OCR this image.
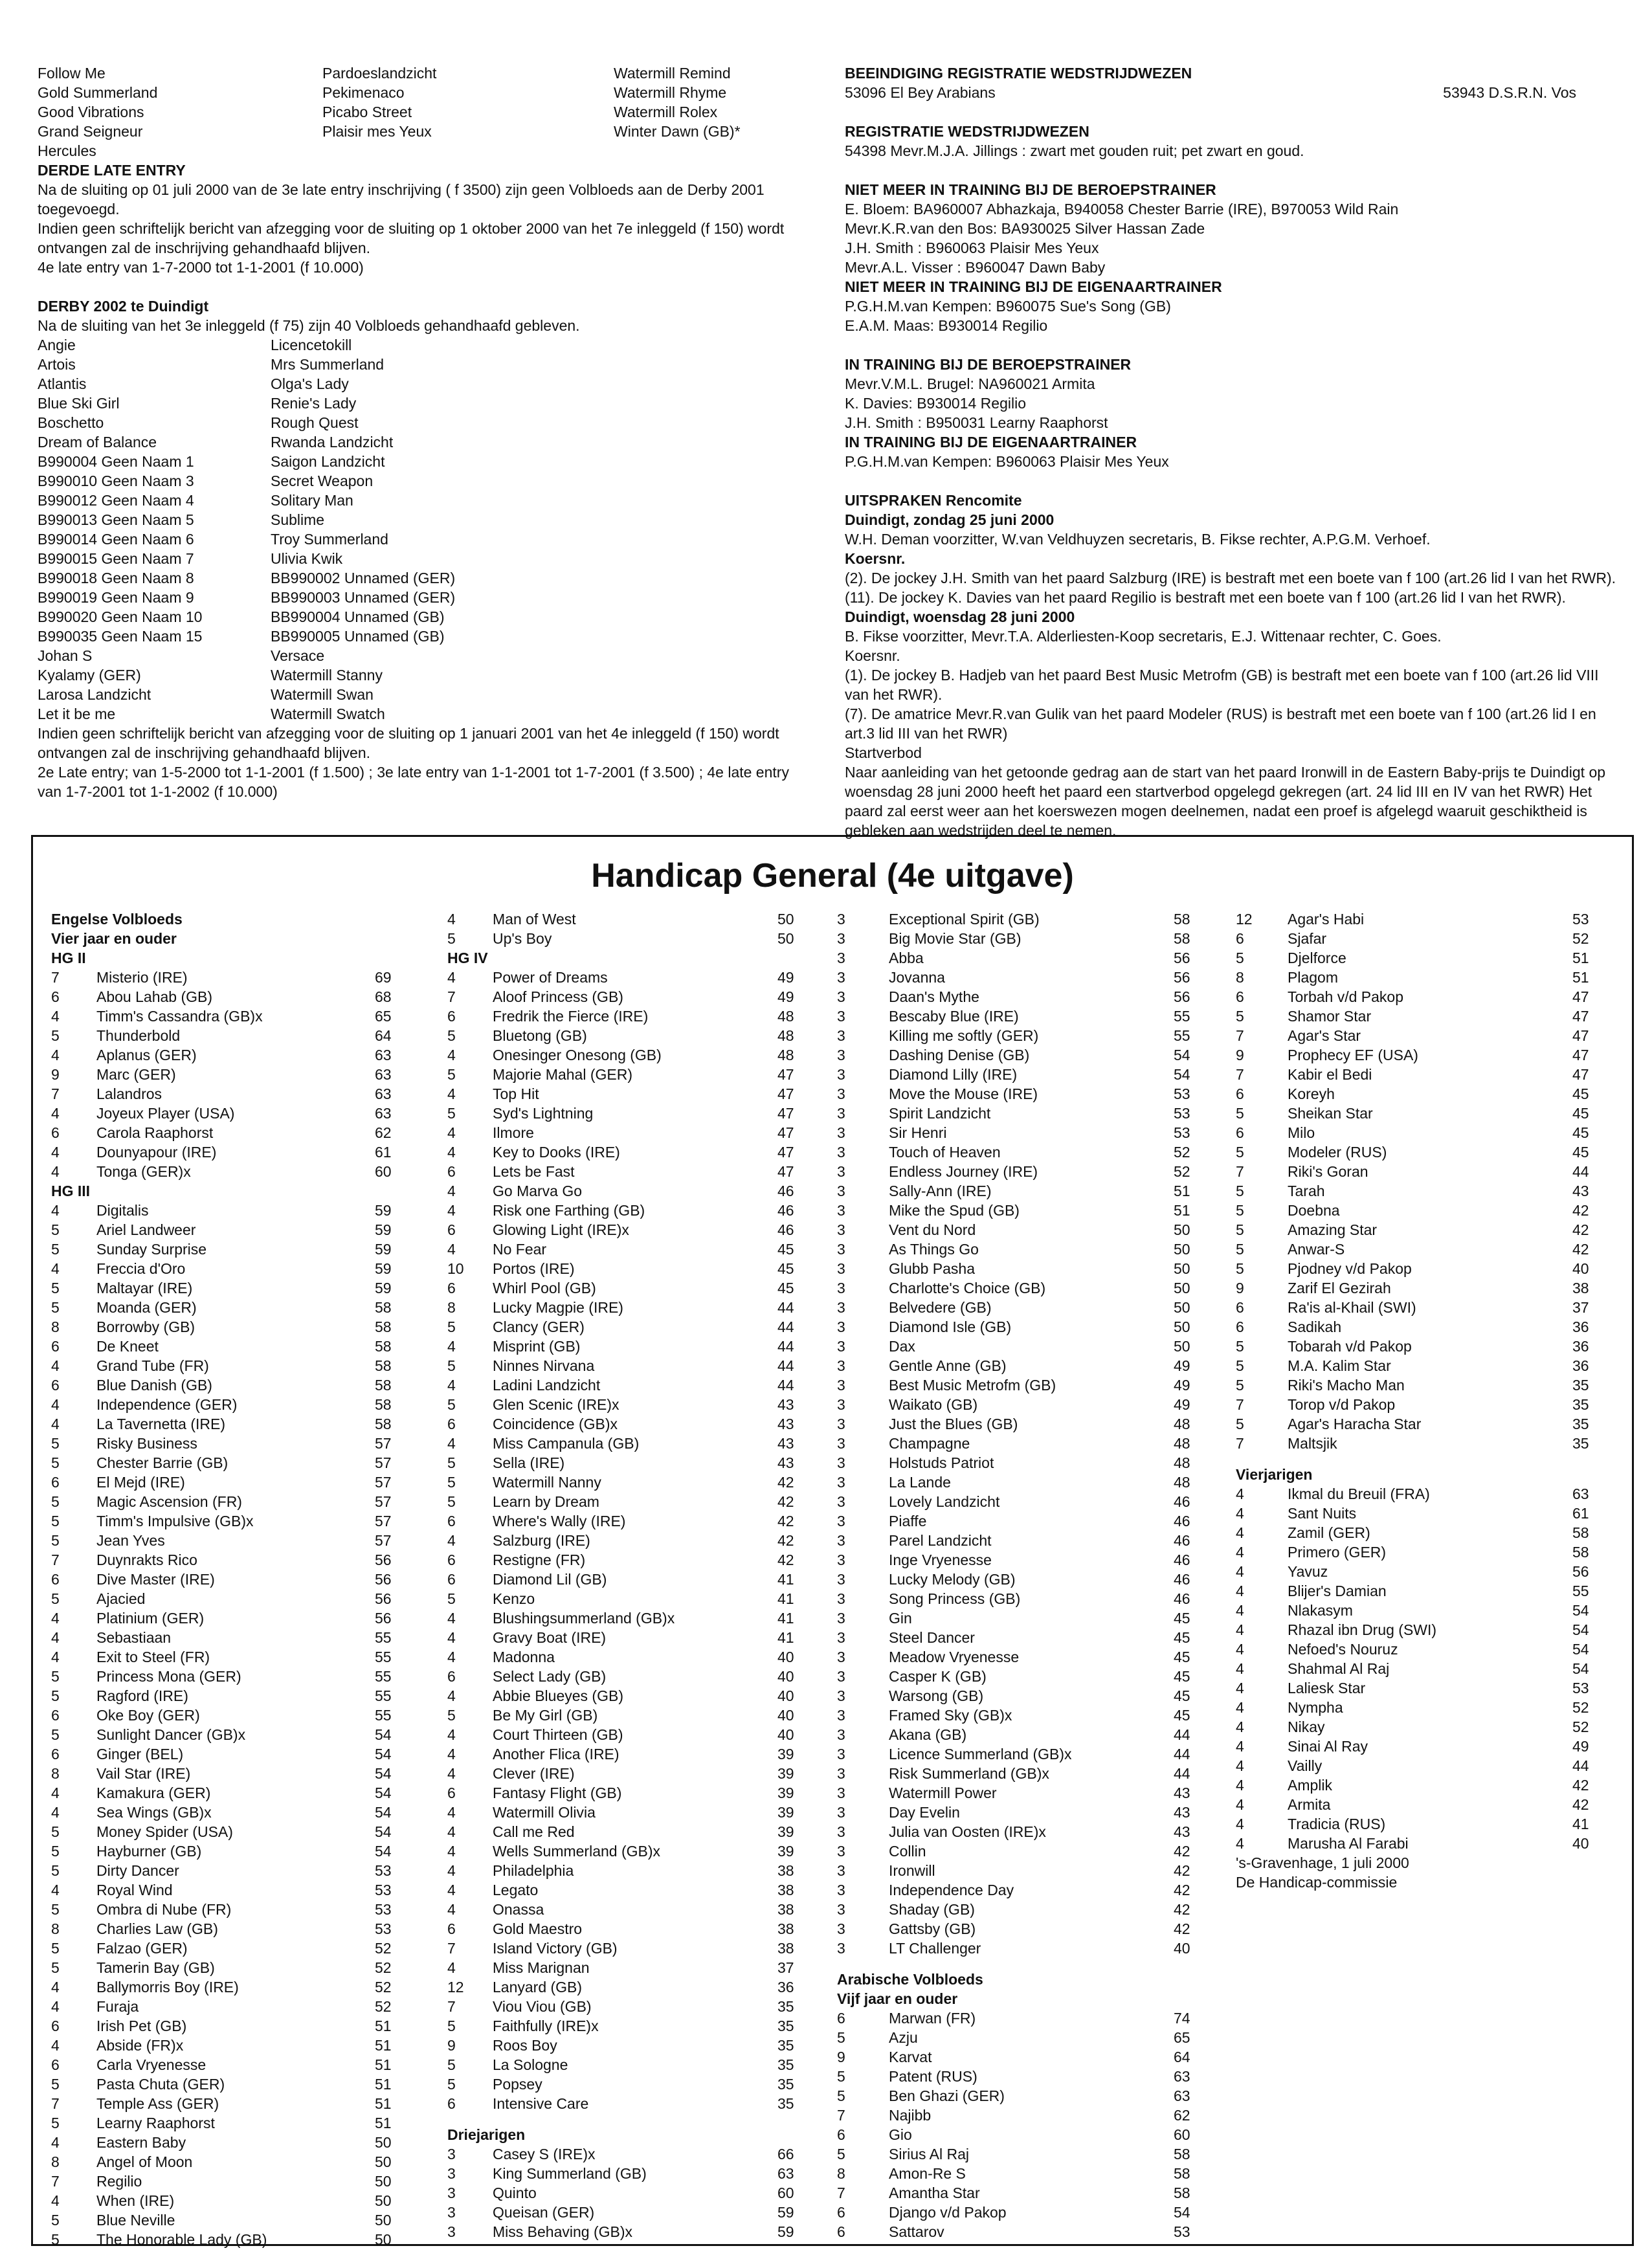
Follow Me	Pardoeslandzicht	Watermill Remind
Gold Summerland	Pekimenaco	Watermill Rhyme
Good Vibrations	Picabo Street	Watermill Rolex
Grand Seigneur	Plaisir mes Yeux	Winter Dawn (GB)*
Hercules
DERDE LATE ENTRY
Na de sluiting op 01 juli 2000 van de 3e late entry inschrijving ( f 3500) zijn geen Volbloeds aan de Derby 2001 toegevoegd.
Indien geen schriftelijk bericht van afzegging voor de sluiting op 1 oktober 2000 van het 7e inleggeld (f 150) wordt ontvangen zal de inschrijving gehandhaafd blijven.
4e late entry van 1-7-2000 tot 1-1-2001 (f 10.000)
DERBY 2002 te Duindigt
Na de sluiting van het 3e inleggeld (f 75) zijn 40 Volbloeds gehandhaafd gebleven.
Angie	Licencetokill
Artois	Mrs Summerland
Atlantis	Olga's Lady
Blue Ski Girl	Renie's Lady
Boschetto	Rough Quest
Dream of Balance	Rwanda Landzicht
B990004 Geen Naam 1	Saigon Landzicht
B990010 Geen Naam 3	Secret Weapon
B990012 Geen Naam 4	Solitary Man
B990013 Geen Naam 5	Sublime
B990014 Geen Naam 6	Troy Summerland
B990015 Geen Naam 7	Ulivia Kwik
B990018 Geen Naam 8	BB990002 Unnamed (GER)
B990019 Geen Naam 9	BB990003 Unnamed (GER)
B990020 Geen Naam 10	BB990004 Unnamed (GB)
B990035 Geen Naam 15	BB990005 Unnamed (GB)
Johan S	Versace
Kyalamy (GER)	Watermill Stanny
Larosa Landzicht	Watermill Swan
Let it be me	Watermill Swatch
Indien geen schriftelijk bericht van afzegging voor de sluiting op 1 januari 2001 van het 4e inleggeld (f 150) wordt ontvangen zal de inschrijving gehandhaafd blijven.
2e Late entry; van 1-5-2000 tot 1-1-2001 (f 1.500) ; 3e late entry van 1-1-2001 tot 1-7-2001 (f 3.500) ; 4e late entry van 1-7-2001 tot 1-1-2002 (f 10.000)
BEEINDIGING REGISTRATIE WEDSTRIJDWEZEN
53096 El Bey Arabians	53943 D.S.R.N. Vos
REGISTRATIE WEDSTRIJDWEZEN
54398 Mevr.M.J.A. Jillings : zwart met gouden ruit; pet zwart en goud.
NIET MEER IN TRAINING BIJ DE BEROEPSTRAINER
E. Bloem: BA960007 Abhazkaja, B940058 Chester Barrie (IRE), B970053 Wild Rain
Mevr.K.R.van den Bos: BA930025 Silver Hassan Zade
J.H. Smith : B960063 Plaisir Mes Yeux
Mevr.A.L. Visser : B960047 Dawn Baby
NIET MEER IN TRAINING BIJ DE EIGENAARTRAINER
P.G.H.M.van Kempen: B960075 Sue's Song (GB)
E.A.M. Maas: B930014 Regilio
IN TRAINING BIJ DE BEROEPSTRAINER
Mevr.V.M.L. Brugel: NA960021 Armita
K. Davies: B930014 Regilio
J.H. Smith : B950031 Learny Raaphorst
IN TRAINING BIJ DE EIGENAARTRAINER
P.G.H.M.van Kempen: B960063 Plaisir Mes Yeux
UITSPRAKEN Rencomite
Duindigt, zondag 25 juni 2000
W.H. Deman voorzitter, W.van Veldhuyzen secretaris, B. Fikse rechter, A.P.G.M. Verhoef.
Koersnr.
(2). De jockey J.H. Smith van het paard Salzburg (IRE) is bestraft met een boete van f 100 (art.26 lid I van het RWR).
(11). De jockey K. Davies van het paard Regilio is bestraft met een boete van f 100 (art.26 lid I van het RWR).
Duindigt, woensdag 28 juni 2000
B. Fikse voorzitter, Mevr.T.A. Alderliesten-Koop secretaris, E.J. Wittenaar rechter, C. Goes.
Koersnr.
(1). De jockey B. Hadjeb van het paard Best Music Metrofm (GB) is bestraft met een boete van f 100 (art.26 lid VIII van het RWR).
(7). De amatrice Mevr.R.van Gulik van het paard Modeler (RUS) is bestraft met een boete van f 100 (art.26 lid I en art.3 lid III van het RWR)
Startverbod
Naar aanleiding van het getoonde gedrag aan de start van het paard Ironwill in de Eastern Baby-prijs te Duindigt op woensdag 28 juni 2000 heeft het paard een startverbod opgelegd gekregen (art. 24 lid III en IV van het RWR) Het paard zal eerst weer aan het koerswezen mogen deelnemen, nadat een proef is afgelegd waaruit geschiktheid is gebleken aan wedstrijden deel te nemen.
Handicap General (4e uitgave)
Engelse Volbloeds
Vier jaar en ouder
HG II
7	Misterio (IRE)	69
6	Abou Lahab (GB)	68
4	Timm's Cassandra (GB)x	65
5	Thunderbold	64
4	Aplanus (GER)	63
9	Marc (GER)	63
7	Lalandros	63
4	Joyeux Player (USA)	63
6	Carola Raaphorst	62
4	Dounyapour (IRE)	61
4	Tonga (GER)x	60
HG III
4	Digitalis	59
5	Ariel Landweer	59
5	Sunday Surprise	59
4	Freccia d'Oro	59
5	Maltayar (IRE)	59
5	Moanda (GER)	58
8	Borrowby (GB)	58
6	De Kneet	58
4	Grand Tube (FR)	58
6	Blue Danish (GB)	58
4	Independence (GER)	58
4	La Tavernetta (IRE)	58
5	Risky Business	57
5	Chester Barrie (GB)	57
6	El Mejd (IRE)	57
5	Magic Ascension (FR)	57
5	Timm's Impulsive (GB)x	57
5	Jean Yves	57
7	Duynrakts Rico	56
6	Dive Master (IRE)	56
5	Ajacied	56
4	Platinium (GER)	56
4	Sebastiaan	55
4	Exit to Steel (FR)	55
5	Princess Mona (GER)	55
5	Ragford (IRE)	55
6	Oke Boy (GER)	55
5	Sunlight Dancer (GB)x	54
6	Ginger (BEL)	54
8	Vail Star (IRE)	54
4	Kamakura (GER)	54
4	Sea Wings (GB)x	54
5	Money Spider (USA)	54
5	Hayburner (GB)	54
5	Dirty Dancer	53
4	Royal Wind	53
5	Ombra di Nube (FR)	53
8	Charlies Law (GB)	53
5	Falzao (GER)	52
5	Tamerin Bay (GB)	52
4	Ballymorris Boy (IRE)	52
4	Furaja	52
6	Irish Pet (GB)	51
4	Abside (FR)x	51
6	Carla Vryenesse	51
5	Pasta Chuta (GER)	51
7	Temple Ass (GER)	51
5	Learny Raaphorst	51
4	Eastern Baby	50
8	Angel of Moon	50
7	Regilio	50
4	When (IRE)	50
5	Blue Neville	50
5	The Honorable Lady (GB)	50
4	Man of West	50
5	Up's Boy	50
HG IV
4	Power of Dreams	49
7	Aloof Princess (GB)	49
6	Fredrik the Fierce (IRE)	48
5	Bluetong (GB)	48
4	Onesinger Onesong (GB)	48
5	Majorie Mahal (GER)	47
4	Top Hit	47
5	Syd's Lightning	47
4	Ilmore	47
4	Key to Dooks (IRE)	47
6	Lets be Fast	47
4	Go Marva Go	46
4	Risk one Farthing (GB)	46
6	Glowing Light (IRE)x	46
4	No Fear	45
10	Portos (IRE)	45
6	Whirl Pool (GB)	45
8	Lucky Magpie (IRE)	44
5	Clancy (GER)	44
4	Misprint (GB)	44
5	Ninnes Nirvana	44
4	Ladini Landzicht	44
5	Glen Scenic (IRE)x	43
6	Coincidence (GB)x	43
4	Miss Campanula (GB)	43
5	Sella (IRE)	43
5	Watermill Nanny	42
5	Learn by Dream	42
6	Where's Wally (IRE)	42
4	Salzburg (IRE)	42
6	Restigne (FR)	42
6	Diamond Lil (GB)	41
5	Kenzo	41
4	Blushingsummerland (GB)x	41
4	Gravy Boat (IRE)	41
4	Madonna	40
6	Select Lady (GB)	40
4	Abbie Blueyes (GB)	40
5	Be My Girl (GB)	40
4	Court Thirteen (GB)	40
4	Another Flica (IRE)	39
4	Clever (IRE)	39
6	Fantasy Flight (GB)	39
4	Watermill Olivia	39
4	Call me Red	39
4	Wells Summerland (GB)x	39
4	Philadelphia	38
4	Legato	38
4	Onassa	38
6	Gold Maestro	38
7	Island Victory (GB)	38
4	Miss Marignan	37
12	Lanyard (GB)	36
7	Viou Viou (GB)	35
5	Faithfully (IRE)x	35
9	Roos Boy	35
5	La Sologne	35
5	Popsey	35
6	Intensive Care	35
Driejarigen
3	Casey S (IRE)x	66
3	King Summerland (GB)	63
3	Quinto	60
3	Queisan (GER)	59
3	Miss Behaving (GB)x	59
3	Exceptional Spirit (GB)	58
3	Big Movie Star (GB)	58
3	Abba	56
3	Jovanna	56
3	Daan's Mythe	56
3	Bescaby Blue (IRE)	55
3	Killing me softly (GER)	55
3	Dashing Denise (GB)	54
3	Diamond Lilly (IRE)	54
3	Move the Mouse (IRE)	53
3	Spirit Landzicht	53
3	Sir Henri	53
3	Touch of Heaven	52
3	Endless Journey (IRE)	52
3	Sally-Ann (IRE)	51
3	Mike the Spud (GB)	51
3	Vent du Nord	50
3	As Things Go	50
3	Glubb Pasha	50
3	Charlotte's Choice (GB)	50
3	Belvedere (GB)	50
3	Diamond Isle (GB)	50
3	Dax	50
3	Gentle Anne (GB)	49
3	Best Music Metrofm (GB)	49
3	Waikato (GB)	49
3	Just the Blues (GB)	48
3	Champagne	48
3	Holstuds Patriot	48
3	La Lande	48
3	Lovely Landzicht	46
3	Piaffe	46
3	Parel Landzicht	46
3	Inge Vryenesse	46
3	Lucky Melody (GB)	46
3	Song Princess (GB)	46
3	Gin	45
3	Steel Dancer	45
3	Meadow Vryenesse	45
3	Casper K (GB)	45
3	Warsong (GB)	45
3	Framed Sky (GB)x	45
3	Akana (GB)	44
3	Licence Summerland (GB)x	44
3	Risk Summerland (GB)x	44
3	Watermill Power	43
3	Day Evelin	43
3	Julia van Oosten (IRE)x	43
3	Collin	42
3	Ironwill	42
3	Independence Day	42
3	Shaday (GB)	42
3	Gattsby (GB)	42
3	LT Challenger	40
Arabische Volbloeds
Vijf jaar en ouder
6	Marwan (FR)	74
5	Azju	65
9	Karvat	64
5	Patent (RUS)	63
5	Ben Ghazi (GER)	63
7	Najibb	62
6	Gio	60
5	Sirius Al Raj	58
8	Amon-Re S	58
7	Amantha Star	58
6	Django v/d Pakop	54
6	Sattarov	53
12	Agar's Habi	53
6	Sjafar	52
5	Djelforce	51
8	Plagom	51
6	Torbah v/d Pakop	47
5	Shamor Star	47
7	Agar's Star	47
9	Prophecy EF (USA)	47
7	Kabir el Bedi	47
6	Koreyh	45
5	Sheikan Star	45
6	Milo	45
5	Modeler (RUS)	45
7	Riki's Goran	44
5	Tarah	43
5	Doebna	42
5	Amazing Star	42
5	Anwar-S	42
5	Pjodney v/d Pakop	40
9	Zarif El Gezirah	38
6	Ra'is al-Khail (SWI)	37
6	Sadikah	36
5	Tobarah v/d Pakop	36
5	M.A. Kalim Star	36
5	Riki's Macho Man	35
7	Torop v/d Pakop	35
5	Agar's Haracha Star	35
7	Maltsjik	35
Vierjarigen
4	Ikmal du Breuil (FRA)	63
4	Sant Nuits	61
4	Zamil (GER)	58
4	Primero (GER)	58
4	Yavuz	56
4	Blijer's Damian	55
4	Nlakasym	54
4	Rhazal ibn Drug (SWI)	54
4	Nefoed's Nouruz	54
4	Shahmal Al Raj	54
4	Laliesk Star	53
4	Nympha	52
4	Nikay	52
4	Sinai Al Ray	49
4	Vailly	44
4	Amplik	42
4	Armita	42
4	Tradicia (RUS)	41
4	Marusha Al Farabi	40
's-Gravenhage, 1 juli 2000
De Handicap-commissie
